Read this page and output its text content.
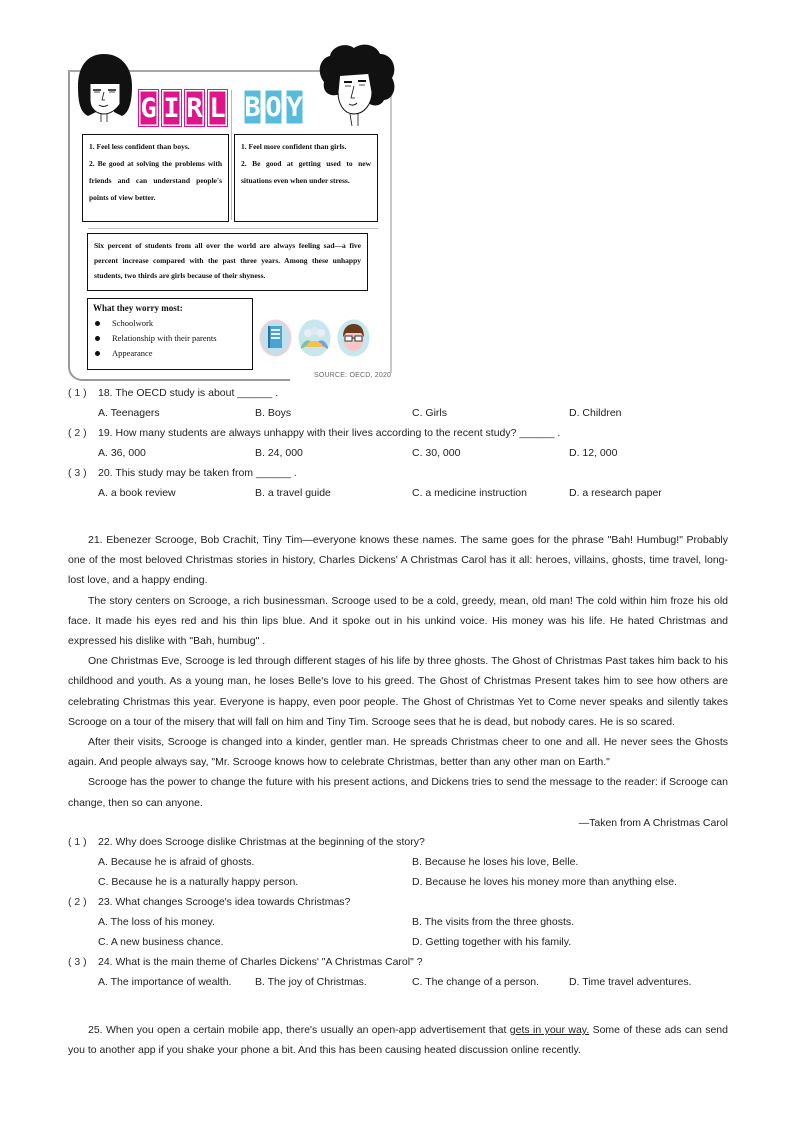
SOURCE: OECD, 2020
G I R L B O Y
1. Feel less confident than boys.
2. Be good at solving the problems with friends and can understand people's points of view better.
1. Feel more confident than girls.
2. Be good at getting used to new situations even when under stress.
Six percent of students from all over the world are always feeling sad—a five percent increase compared with the past three years. Among these unhappy students, two thirds are girls because of their shyness.
What they worry most:
Schoolwork
Relationship with their parents
Appearance
( 1 ) 18. The OECD study is about ______ .
A. Teenagers	B. Boys	C. Girls	D. Children
( 2 ) 19. How many students are always unhappy with their lives according to the recent study? ______ .
A. 36, 000	B. 24, 000	C. 30, 000	D. 12, 000
( 3 ) 20. This study may be taken from ______ .
A. a book review	B. a travel guide	C. a medicine instruction	D. a research paper

21. Ebenezer Scrooge, Bob Crachit, Tiny Tim—everyone knows these names. The same goes for the phrase "Bah! Humbug!" Probably one of the most beloved Christmas stories in history, Charles Dickens' A Christmas Carol has it all: heroes, villains, ghosts, time travel, long-lost love, and a happy ending.

The story centers on Scrooge, a rich businessman. Scrooge used to be a cold, greedy, mean, old man! The cold within him froze his old face. It made his eyes red and his thin lips blue. And it spoke out in his unkind voice. His money was his life. He hated Christmas and expressed his dislike with "Bah, humbug" .

One Christmas Eve, Scrooge is led through different stages of his life by three ghosts. The Ghost of Christmas Past takes him back to his childhood and youth. As a young man, he loses Belle's love to his greed. The Ghost of Christmas Present takes him to see how others are celebrating Christmas this year. Everyone is happy, even poor people. The Ghost of Christmas Yet to Come never speaks and silently takes Scrooge on a tour of the misery that will fall on him and Tiny Tim. Scrooge sees that he is dead, but nobody cares. He is so scared.

After their visits, Scrooge is changed into a kinder, gentler man. He spreads Christmas cheer to one and all. He never sees the Ghosts again. And people always say, "Mr. Scrooge knows how to celebrate Christmas, better than any other man on Earth."

Scrooge has the power to change the future with his present actions, and Dickens tries to send the message to the reader: if Scrooge can change, then so can anyone.

—Taken from A Christmas Carol

( 1 ) 22. Why does Scrooge dislike Christmas at the beginning of the story?
A. Because he is afraid of ghosts.	B. Because he loses his love, Belle.
C. Because he is a naturally happy person.	D. Because he loves his money more than anything else.
( 2 ) 23. What changes Scrooge's idea towards Christmas?
A. The loss of his money.	B. The visits from the three ghosts.
C. A new business chance.	D. Getting together with his family.
( 3 ) 24. What is the main theme of Charles Dickens' "A Christmas Carol" ?
A. The importance of wealth. B. The joy of Christmas.	C. The change of a person.	D. Time travel adventures.

25. When you open a certain mobile app, there's usually an open-app advertisement that gets in your way. Some of these ads can send you to another app if you shake your phone a bit. And this has been causing heated discussion online recently.
